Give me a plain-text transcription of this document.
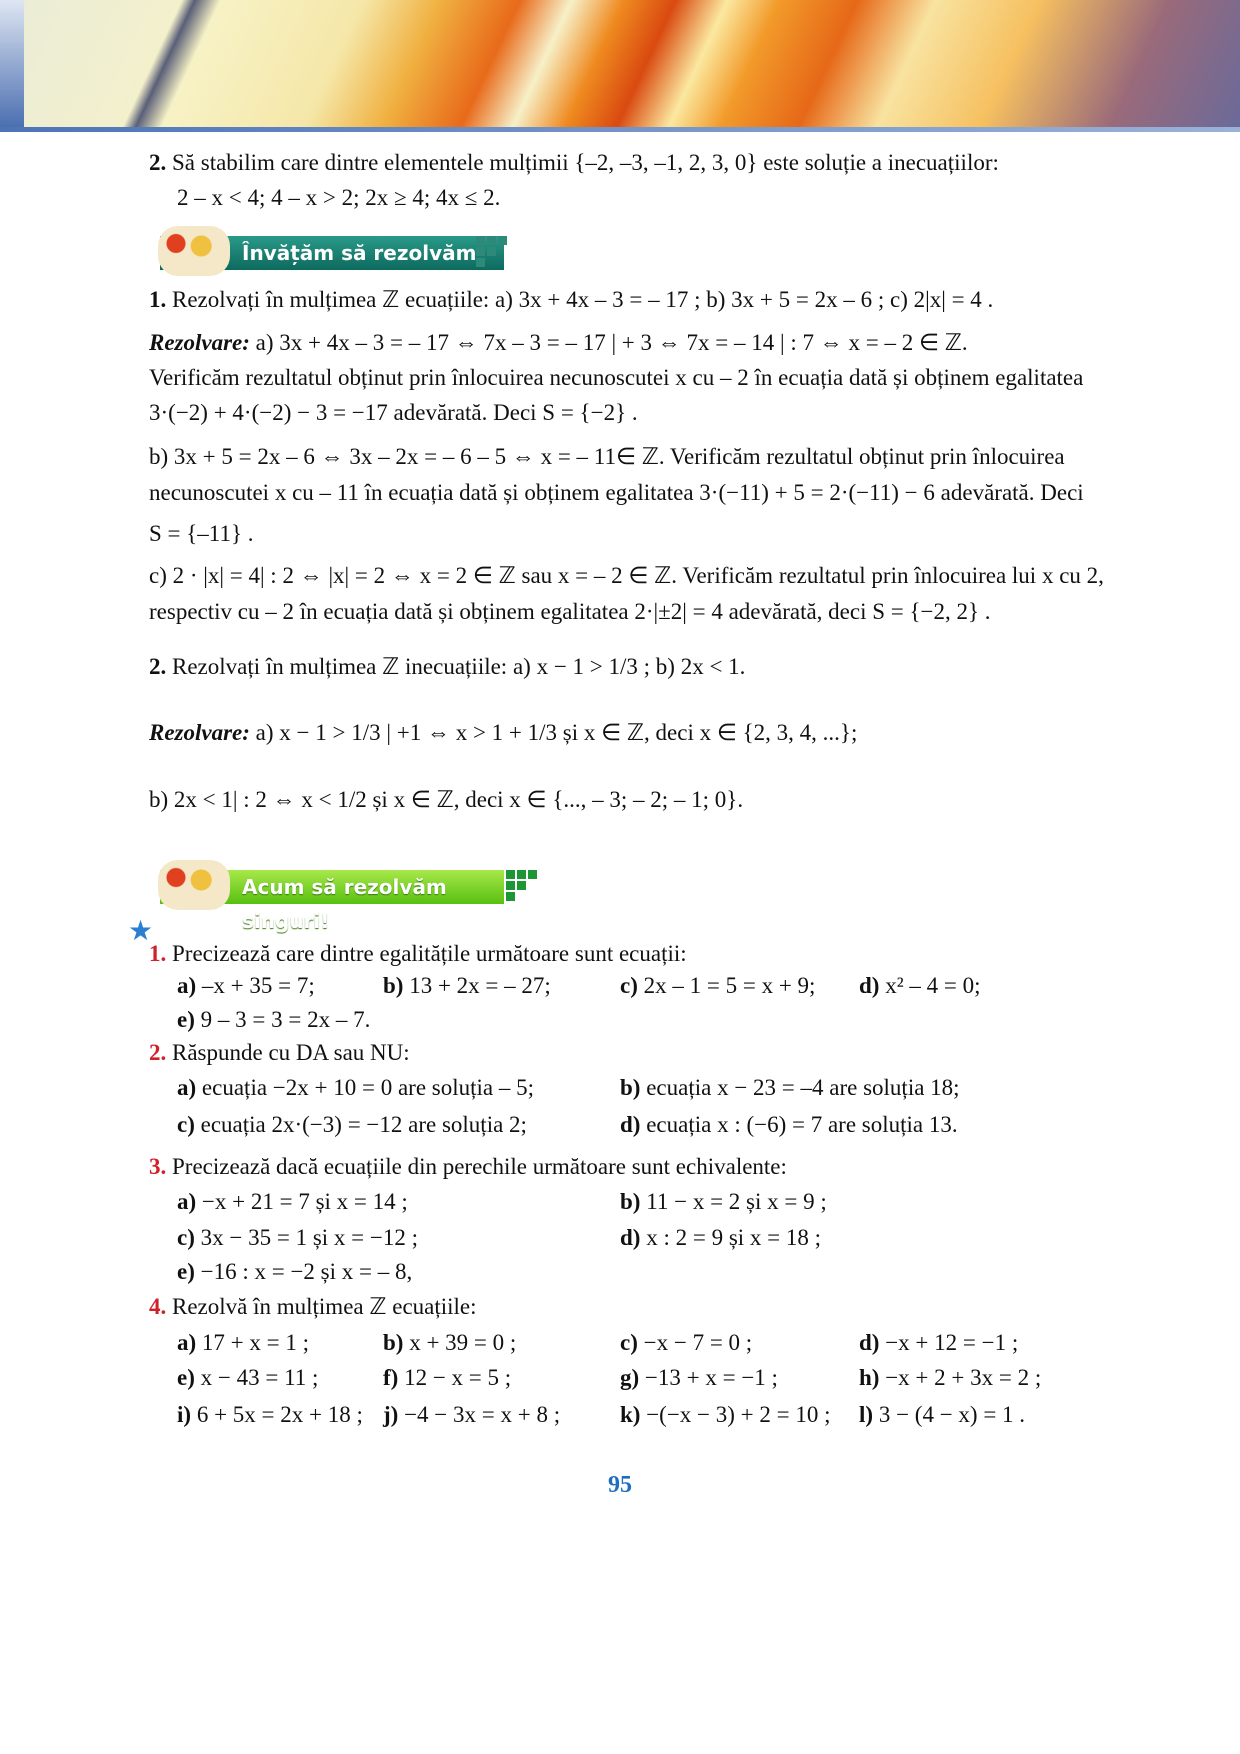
2. Să stabilim care dintre elementele mulțimii {–2, –3, –1, 2, 3, 0} este soluție a inecuațiilor:
2 – x < 4; 4 – x > 2; 2x ≥ 4; 4x ≤ 2.
Învățăm să rezolvăm
1. Rezolvați în mulțimea ℤ ecuațiile: a) 3x + 4x – 3 = – 17 ; b) 3x + 5 = 2x – 6 ; c) 2|x| = 4 .
Rezolvare: a) 3x + 4x – 3 = – 17 ⇔ 7x – 3 = – 17 | + 3 ⇔ 7x = – 14 | : 7 ⇔ x = – 2 ∈ ℤ.
Verificăm rezultatul obținut prin înlocuirea necunoscutei x cu – 2 în ecuația dată și obținem egalitatea
3·(−2) + 4·(−2) − 3 = −17 adevărată. Deci S = {−2} .
b) 3x + 5 = 2x – 6 ⇔ 3x – 2x = – 6 – 5 ⇔ x = – 11∈ ℤ. Verificăm rezultatul obținut prin înlocuirea
necunoscutei x cu – 11 în ecuația dată și obținem egalitatea 3·(−11) + 5 = 2·(−11) − 6 adevărată. Deci
S = {–11} .
c) 2 · |x| = 4| : 2 ⇔ |x| = 2 ⇔ x = 2 ∈ ℤ sau x = – 2 ∈ ℤ. Verificăm rezultatul prin înlocuirea lui x cu 2,
respectiv cu – 2 în ecuația dată și obținem egalitatea 2·|±2| = 4 adevărată, deci S = {−2, 2} .
2. Rezolvați în mulțimea ℤ inecuațiile: a) x − 1 > 1/3 ; b) 2x < 1.
Rezolvare: a) x − 1 > 1/3 | +1 ⇔ x > 1 + 1/3 și x ∈ ℤ, deci x ∈ {2, 3, 4, ...};
b) 2x < 1| : 2 ⇔ x < 1/2 și x ∈ ℤ, deci x ∈ {..., – 3; – 2; – 1; 0}.
Acum să rezolvăm singuri!
★
1. Precizează care dintre egalitățile următoare sunt ecuații:
a) –x + 35 = 7;	b) 13 + 2x = – 27;	c) 2x – 1 = 5 = x + 9; d) x² – 4 = 0;
e) 9 – 3 = 3 = 2x – 7.
2. Răspunde cu DA sau NU:
a) ecuația −2x + 10 = 0 are soluția – 5;	b) ecuația x − 23 = –4 are soluția 18;
c) ecuația 2x·(−3) = −12 are soluția 2;	d) ecuația x : (−6) = 7 are soluția 13.
3. Precizează dacă ecuațiile din perechile următoare sunt echivalente:
a) −x + 21 = 7 și x = 14 ;	b) 11 − x = 2 și x = 9 ;
c) 3x − 35 = 1 și x = −12 ;	d) x : 2 = 9 și x = 18 ;
e) −16 : x = −2 și x = – 8,
4. Rezolvă în mulțimea ℤ ecuațiile:
a) 17 + x = 1 ;	b) x + 39 = 0 ;	c) −x − 7 = 0 ;	d) −x + 12 = −1 ;
e) x − 43 = 11 ;	f) 12 − x = 5 ;	g) −13 + x = −1 ;	h) −x + 2 + 3x = 2 ;
i) 6 + 5x = 2x + 18 ; j) −4 − 3x = x + 8 ;	k) −(−x − 3) + 2 = 10 ; l) 3 − (4 − x) = 1 .
95
